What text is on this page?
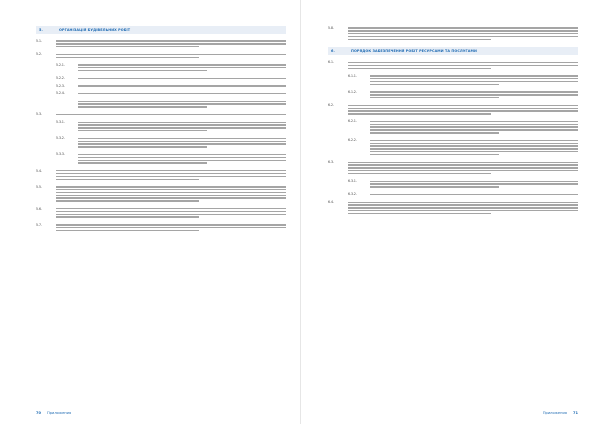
5.	ОРГАНІЗАЦІЯ БУДІВЕЛЬНИХ РОБІТ
5.1.
5.2.
5.2.1.
5.2.2.
5.2.3.
5.2.4.
5.3.
5.3.1.
5.3.2.
5.3.3.
5.4.
5.5.
5.6.
5.7.
70 Приложения
5.8.
6.	ПОРЯДОК ЗАБЕЗПЕЧЕННЯ РОБІТ РЕСУРСАМИ ТА ПОСЛУГАМИ
6.1.
6.1.1.
6.1.2.
6.2.
6.2.1.
6.2.2.
6.3.
6.3.1.
6.3.2.
6.4.
Приложения 71
